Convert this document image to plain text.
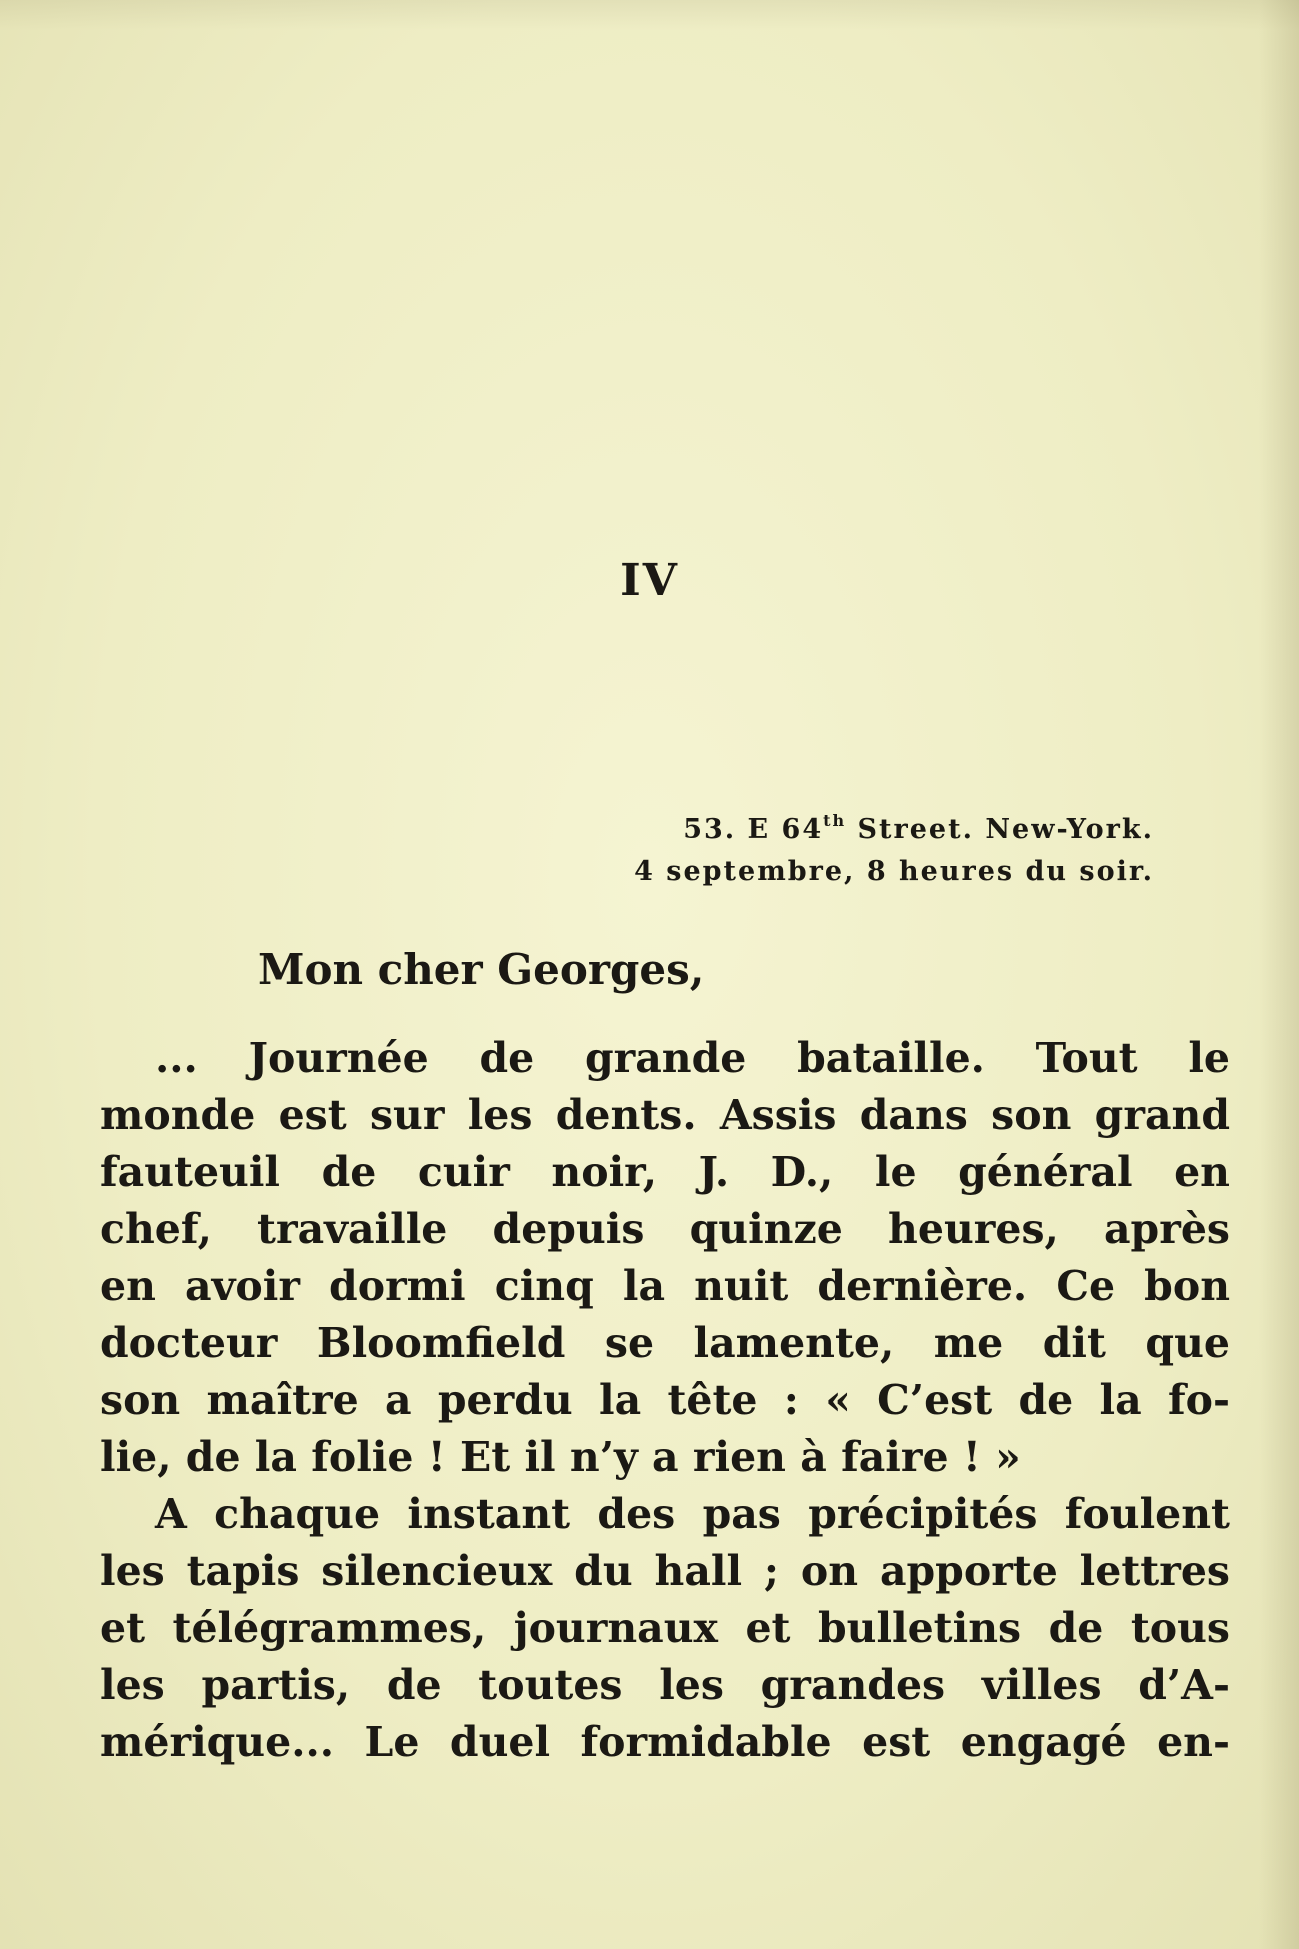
IV
53. E 64th Street. New-York.
4 septembre, 8 heures du soir.
Mon cher Georges,
... Journée de grande bataille. Tout le
monde est sur les dents. Assis dans son grand
fauteuil de cuir noir, J. D., le général en
chef, travaille depuis quinze heures, après
en avoir dormi cinq la nuit dernière. Ce bon
docteur Bloomfield se lamente, me dit que
son maître a perdu la tête : « C’est de la fo-
lie, de la folie ! Et il n’y a rien à faire ! »
A chaque instant des pas précipités foulent
les tapis silencieux du hall ; on apporte lettres
et télégrammes, journaux et bulletins de tous
les partis, de toutes les grandes villes d’A-
mérique... Le duel formidable est engagé en-
